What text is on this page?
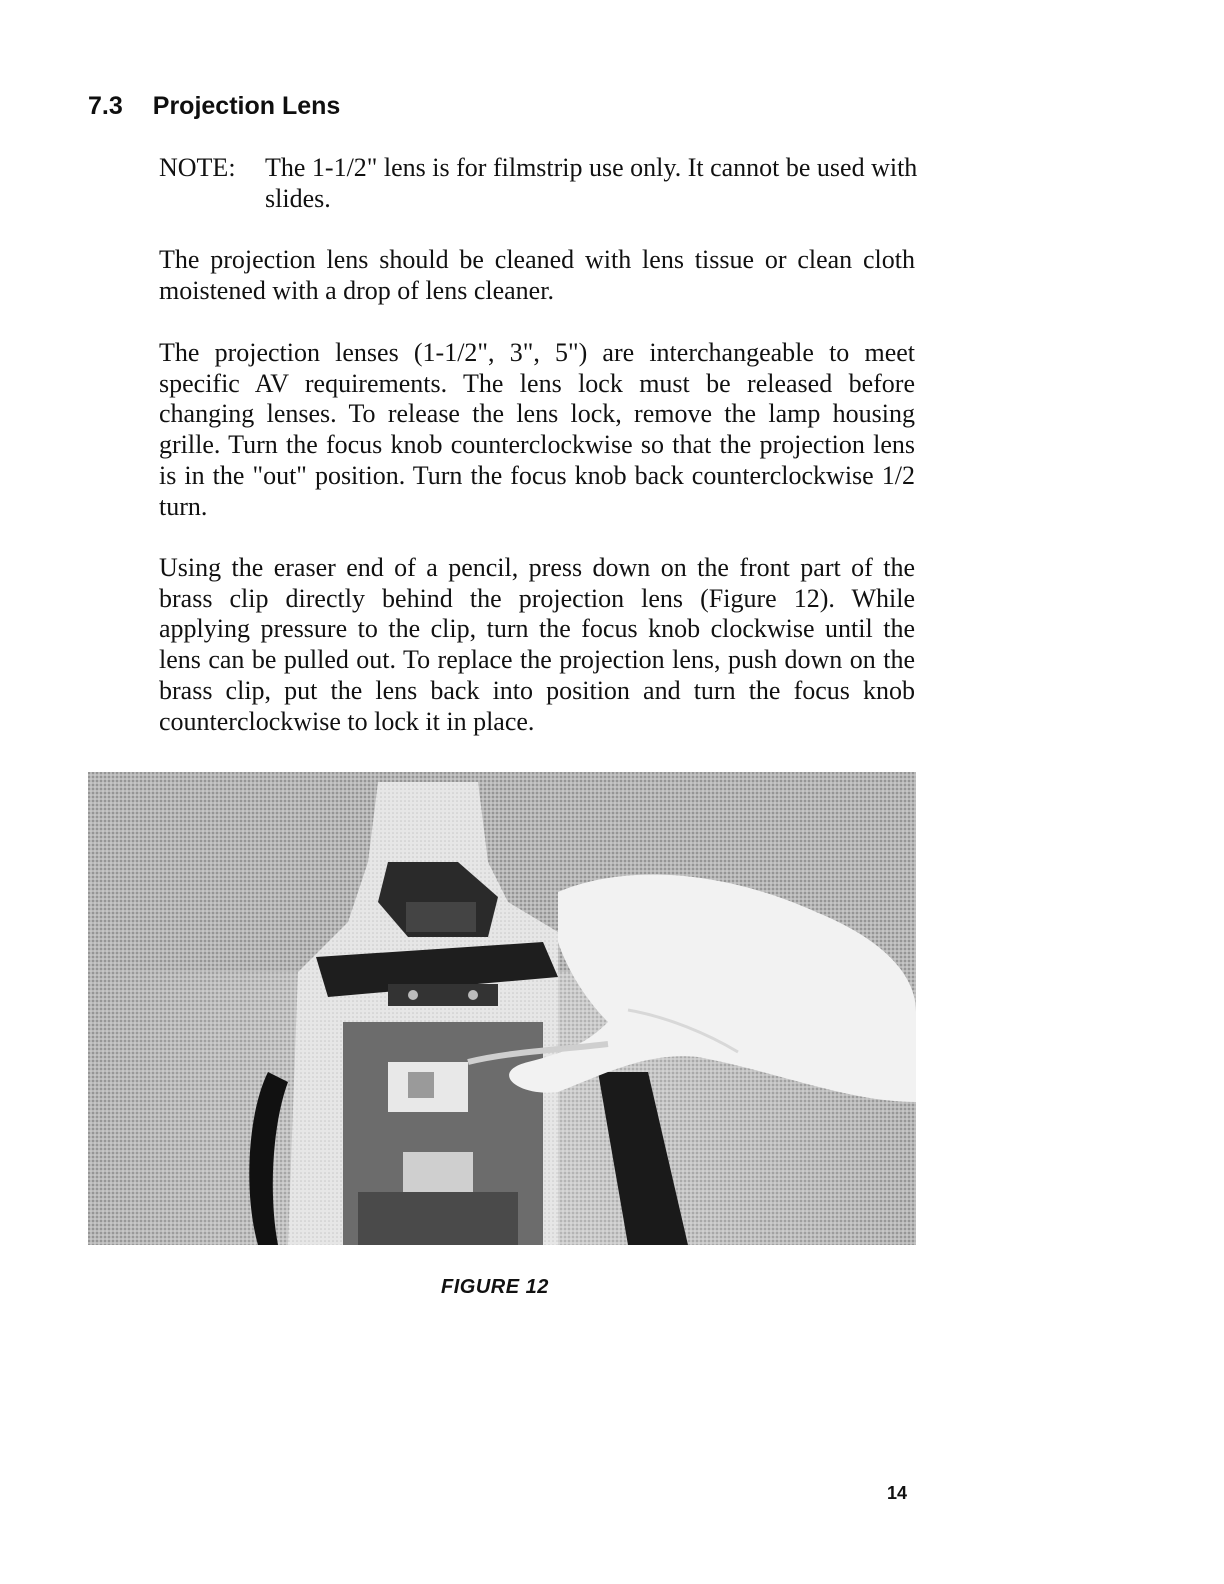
7.3 Projection Lens
NOTE:	The 1-1/2" lens is for filmstrip use only. It cannot be used with slides.

The projection lens should be cleaned with lens tissue or clean cloth moistened with a drop of lens cleaner.

The projection lenses (1-1/2", 3", 5") are interchangeable to meet specific AV requirements. The lens lock must be released before changing lenses. To release the lens lock, remove the lamp housing grille. Turn the focus knob counterclockwise so that the projection lens is in the "out" position. Turn the focus knob back counterclockwise 1/2 turn.

Using the eraser end of a pencil, press down on the front part of the brass clip directly behind the projection lens (Figure 12). While applying pressure to the clip, turn the focus knob clockwise until the lens can be pulled out. To replace the projection lens, push down on the brass clip, put the lens back into position and turn the focus knob counterclockwise to lock it in place.

FIGURE 12
14
